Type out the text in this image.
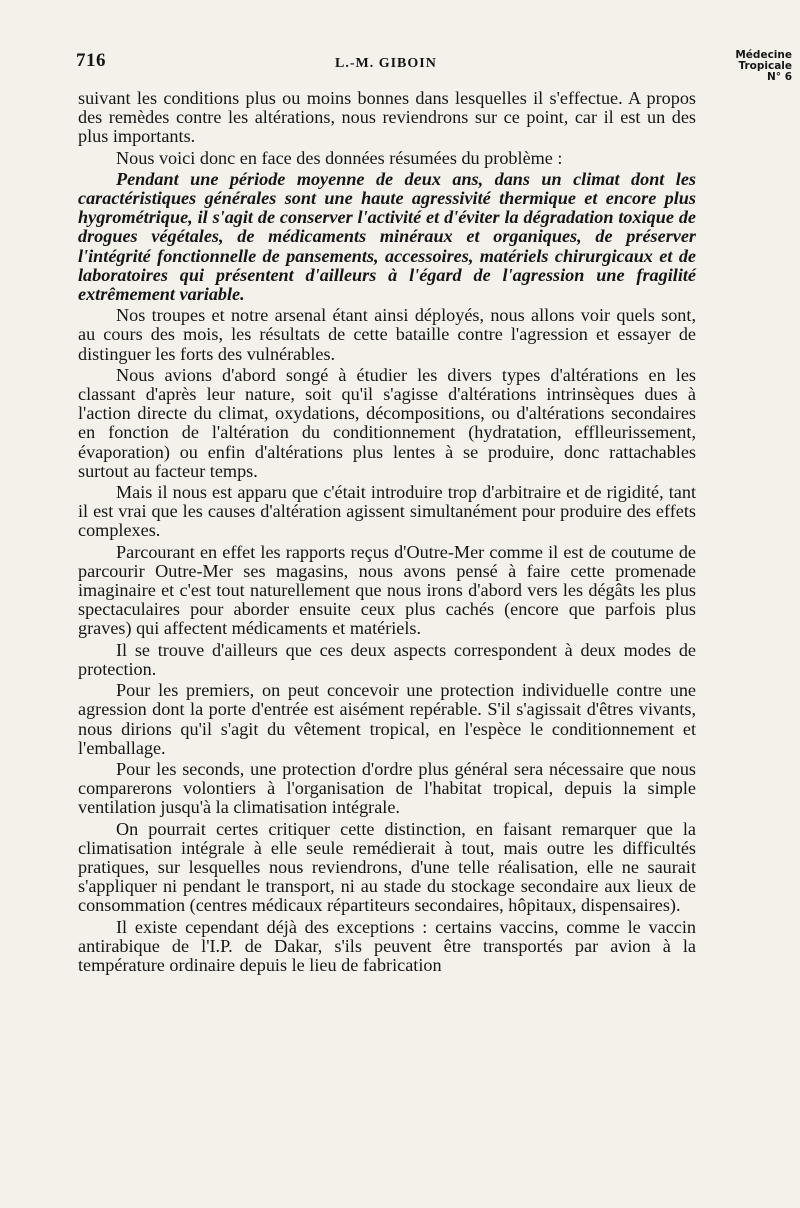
716	L.-M. GIBOIN
Médecine
Tropicale
N° 6

suivant les conditions plus ou moins bonnes dans lesquelles il s'effectue. A propos des remèdes contre les altérations, nous reviendrons sur ce point, car il est un des plus importants.

Nous voici donc en face des données résumées du problème :

Pendant une période moyenne de deux ans, dans un climat dont les caractéristiques générales sont une haute agressivité thermique et encore plus hygrométrique, il s'agit de conserver l'activité et d'éviter la dégradation toxique de drogues végétales, de médicaments minéraux et organiques, de préserver l'intégrité fonctionnelle de pansements, accessoires, matériels chirurgicaux et de laboratoires qui présentent d'ailleurs à l'égard de l'agression une fragilité extrêmement variable.

Nos troupes et notre arsenal étant ainsi déployés, nous allons voir quels sont, au cours des mois, les résultats de cette bataille contre l'agression et essayer de distinguer les forts des vulnérables.

Nous avions d'abord songé à étudier les divers types d'altérations en les classant d'après leur nature, soit qu'il s'agisse d'altérations intrinsèques dues à l'action directe du climat, oxydations, décompositions, ou d'altérations secondaires en fonction de l'altération du conditionnement (hydratation, efflleurissement, évaporation) ou enfin d'altérations plus lentes à se produire, donc rattachables surtout au facteur temps.

Mais il nous est apparu que c'était introduire trop d'arbitraire et de rigidité, tant il est vrai que les causes d'altération agissent simultanément pour produire des effets complexes.

Parcourant en effet les rapports reçus d'Outre-Mer comme il est de coutume de parcourir Outre-Mer ses magasins, nous avons pensé à faire cette promenade imaginaire et c'est tout naturellement que nous irons d'abord vers les dégâts les plus spectaculaires pour aborder ensuite ceux plus cachés (encore que parfois plus graves) qui affectent médicaments et matériels.

Il se trouve d'ailleurs que ces deux aspects correspondent à deux modes de protection.

Pour les premiers, on peut concevoir une protection individuelle contre une agression dont la porte d'entrée est aisément repérable. S'il s'agissait d'êtres vivants, nous dirions qu'il s'agit du vêtement tropical, en l'espèce le conditionnement et l'emballage.

Pour les seconds, une protection d'ordre plus général sera nécessaire que nous comparerons volontiers à l'organisation de l'habitat tropical, depuis la simple ventilation jusqu'à la climatisation intégrale.

On pourrait certes critiquer cette distinction, en faisant remarquer que la climatisation intégrale à elle seule remédierait à tout, mais outre les difficultés pratiques, sur lesquelles nous reviendrons, d'une telle réalisation, elle ne saurait s'appliquer ni pendant le transport, ni au stade du stockage secondaire aux lieux de consommation (centres médicaux répartiteurs secondaires, hôpitaux, dispensaires).

Il existe cependant déjà des exceptions : certains vaccins, comme le vaccin antirabique de l'I.P. de Dakar, s'ils peuvent être transportés par avion à la température ordinaire depuis le lieu de fabrication
